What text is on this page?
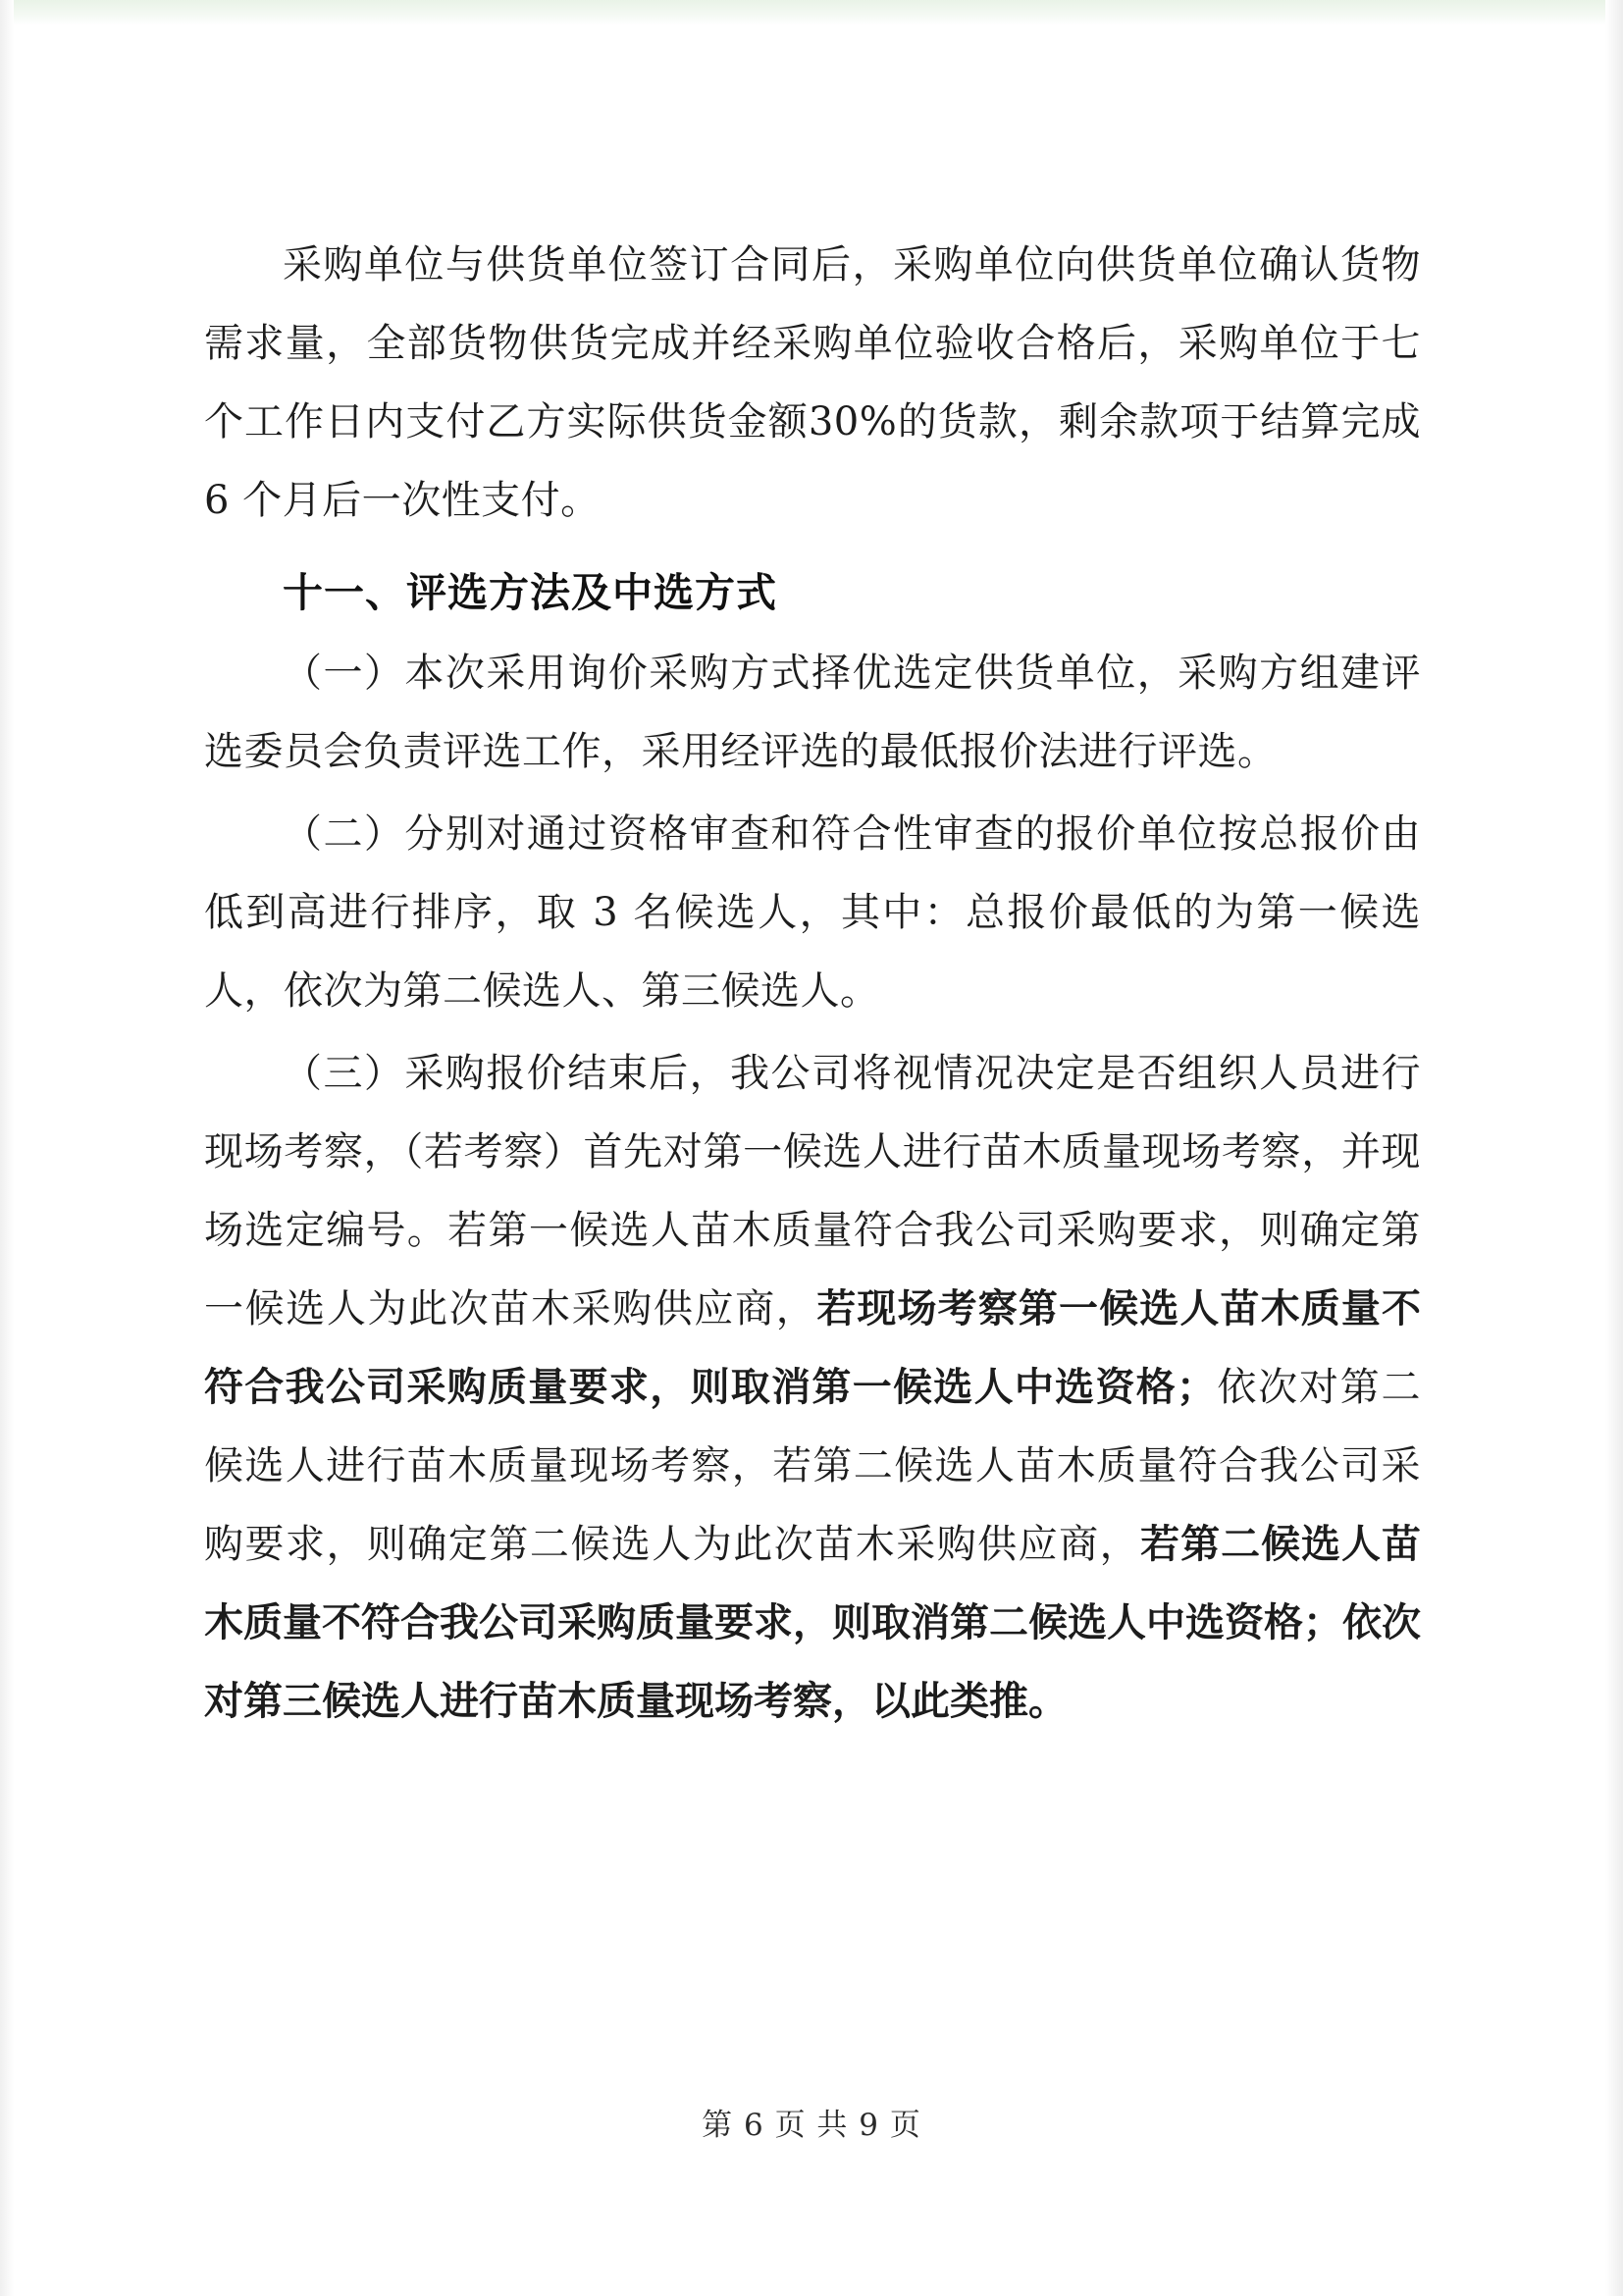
采购单位与供货单位签订合同后，采购单位向供货单位确认货物需求量，全部货物供货完成并经采购单位验收合格后，采购单位于七个工作日内支付乙方实际供货金额30%的货款，剩余款项于结算完成 6 个月后一次性支付。

十一、评选方法及中选方式

（一）本次采用询价采购方式择优选定供货单位，采购方组建评选委员会负责评选工作，采用经评选的最低报价法进行评选。

（二）分别对通过资格审查和符合性审查的报价单位按总报价由低到高进行排序，取 3 名候选人，其中：总报价最低的为第一候选人，依次为第二候选人、第三候选人。

（三）采购报价结束后，我公司将视情况决定是否组织人员进行现场考察，（若考察）首先对第一候选人进行苗木质量现场考察，并现场选定编号。若第一候选人苗木质量符合我公司采购要求，则确定第一候选人为此次苗木采购供应商，若现场考察第一候选人苗木质量不符合我公司采购质量要求，则取消第一候选人中选资格；依次对第二候选人进行苗木质量现场考察，若第二候选人苗木质量符合我公司采购要求，则确定第二候选人为此次苗木采购供应商，若第二候选人苗木质量不符合我公司采购质量要求，则取消第二候选人中选资格；依次对第三候选人进行苗木质量现场考察，以此类推。

第 6 页 共 9 页
